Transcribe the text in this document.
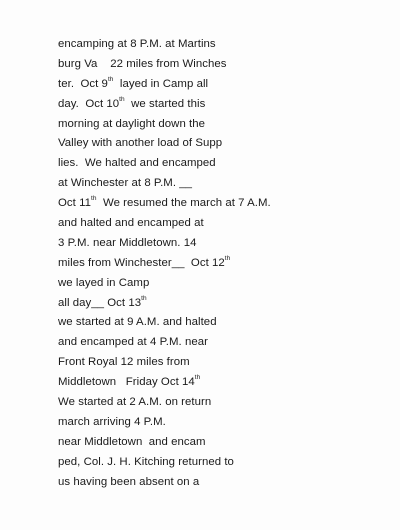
encamping at 8 P.M. at Martins
burg Va    22 miles from Winches
ter.  Oct 9th  layed in Camp all
day.  Oct 10th  we started this
morning at daylight down the
Valley with another load of Supp
lies.  We halted and encamped
at Winchester at 8 P.M. __
Oct 11th  We resumed the march at 7 A.M.
and halted and encamped at
3 P.M. near Middletown. 14
miles from Winchester__  Oct 12th
we layed in Camp
all day__ Oct 13th
we started at 9 A.M. and halted
and encamped at 4 P.M. near
Front Royal 12 miles from
Middletown   Friday Oct 14th
We started at 2 A.M. on return
march arriving 4 P.M.
near Middletown  and encam
ped, Col. J. H. Kitching returned to
us having been absent on a
